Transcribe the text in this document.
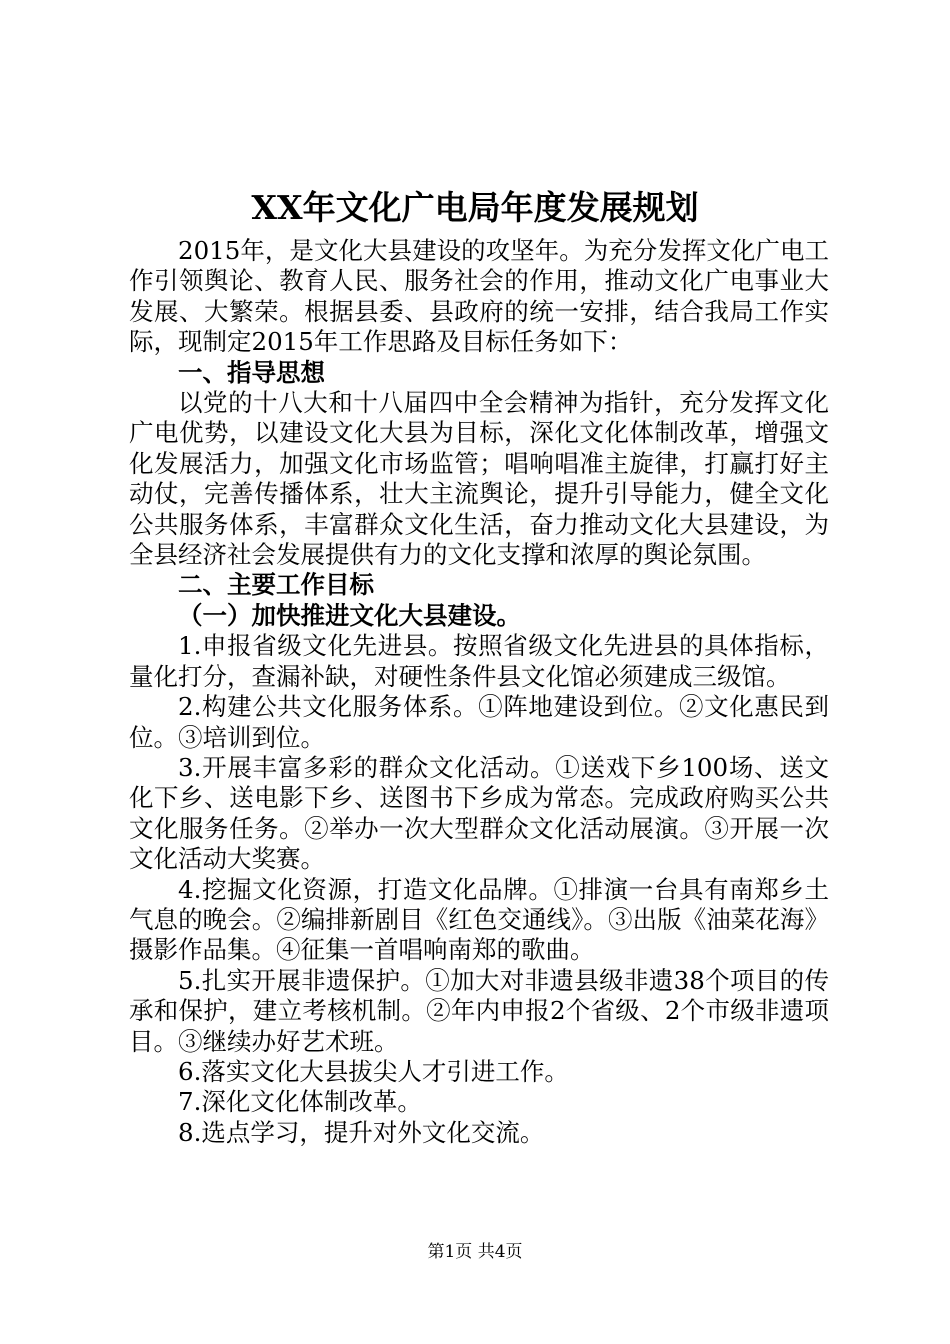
XX年文化广电局年度发展规划

2015年，是文化大县建设的攻坚年。为充分发挥文化广电工作引领舆论、教育人民、服务社会的作用，推动文化广电事业大发展、大繁荣。根据县委、县政府的统一安排，结合我局工作实际，现制定2015年工作思路及目标任务如下：

一、指导思想

以党的十八大和十八届四中全会精神为指针，充分发挥文化广电优势，以建设文化大县为目标，深化文化体制改革，增强文化发展活力，加强文化市场监管；唱响唱准主旋律，打赢打好主动仗，完善传播体系，壮大主流舆论，提升引导能力，健全文化公共服务体系，丰富群众文化生活，奋力推动文化大县建设，为全县经济社会发展提供有力的文化支撑和浓厚的舆论氛围。

二、主要工作目标

（一）加快推进文化大县建设。

1.申报省级文化先进县。按照省级文化先进县的具体指标，量化打分，查漏补缺，对硬性条件县文化馆必须建成三级馆。

2.构建公共文化服务体系。①阵地建设到位。②文化惠民到位。③培训到位。

3.开展丰富多彩的群众文化活动。①送戏下乡100场、送文化下乡、送电影下乡、送图书下乡成为常态。完成政府购买公共文化服务任务。②举办一次大型群众文化活动展演。③开展一次文化活动大奖赛。

4.挖掘文化资源，打造文化品牌。①排演一台具有南郑乡土气息的晚会。②编排新剧目《红色交通线》。③出版《油菜花海》摄影作品集。④征集一首唱响南郑的歌曲。

5.扎实开展非遗保护。①加大对非遗县级非遗38个项目的传承和保护，建立考核机制。②年内申报2个省级、2个市级非遗项目。③继续办好艺术班。

6.落实文化大县拔尖人才引进工作。

7.深化文化体制改革。

8.选点学习，提升对外文化交流。

第1页 共4页
